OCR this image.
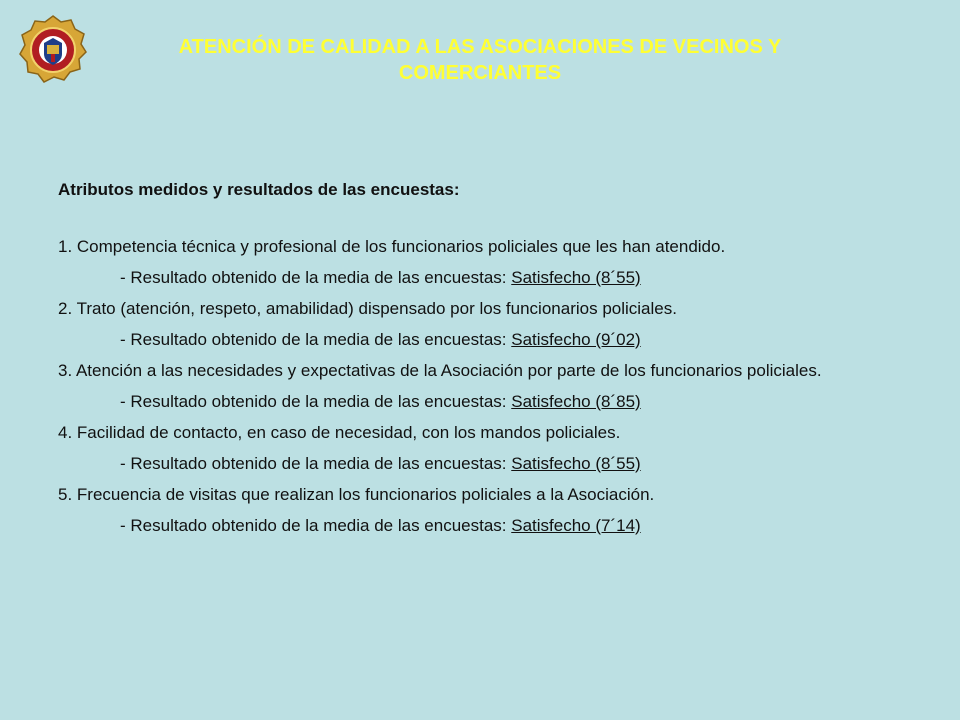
ATENCIÓN DE CALIDAD A LAS ASOCIACIONES DE VECINOS Y
COMERCIANTES
Atributos medidos y resultados de las encuestas:
1. Competencia técnica y profesional de los funcionarios policiales que les han atendido.
- Resultado obtenido de la media de las encuestas: Satisfecho (8´55)
2. Trato (atención, respeto, amabilidad) dispensado por los funcionarios policiales.
- Resultado obtenido de la media de las encuestas: Satisfecho (9´02)
3. Atención a las necesidades y expectativas de la Asociación por parte de los funcionarios policiales.
- Resultado obtenido de la media de las encuestas: Satisfecho (8´85)
4. Facilidad de contacto, en caso de necesidad, con los mandos policiales.
- Resultado obtenido de la media de las encuestas: Satisfecho (8´55)
5. Frecuencia de visitas que realizan los funcionarios policiales a la Asociación.
- Resultado obtenido de la media de las encuestas: Satisfecho (7´14)
